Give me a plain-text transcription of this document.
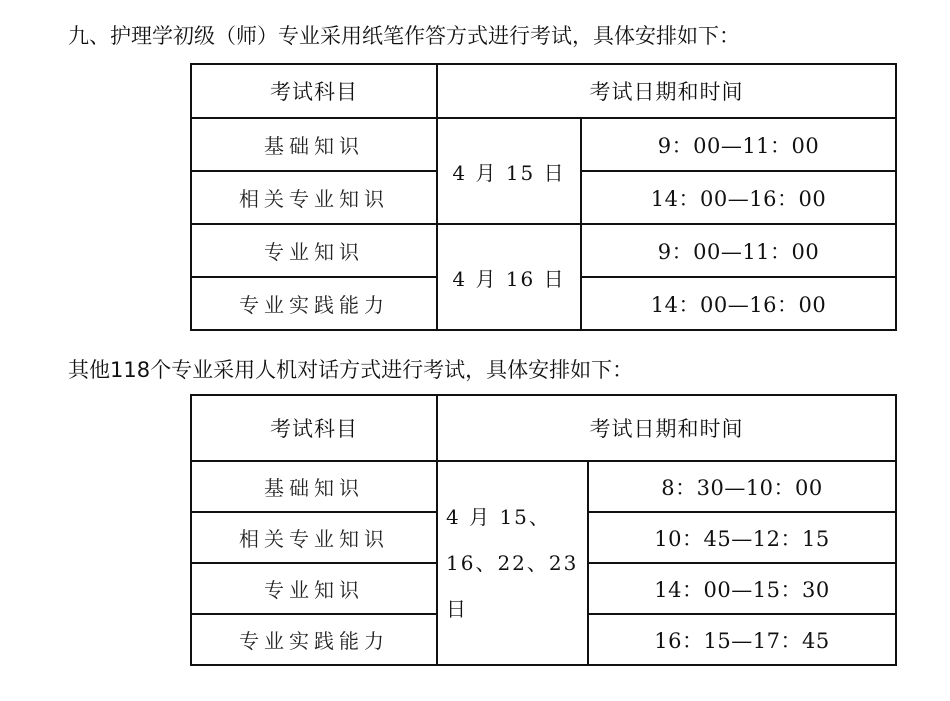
九、护理学初级（师）专业采用纸笔作答方式进行考试，具体安排如下：
考试科目	考试日期和时间	
基础知识	4 月 15 日	9：00—11：00
相关专业知识		14：00—16：00
专业知识	4 月 16 日	9：00—11：00
专业实践能力		14：00—16：00
其他118个专业采用人机对话方式进行考试，具体安排如下：
考试科目	考试日期和时间	
基础知识	4 月 15、16、22、23 日	8：30—10：00
相关专业知识		10：45—12：15
专业知识		14：00—15：30
专业实践能力		16：15—17：45
